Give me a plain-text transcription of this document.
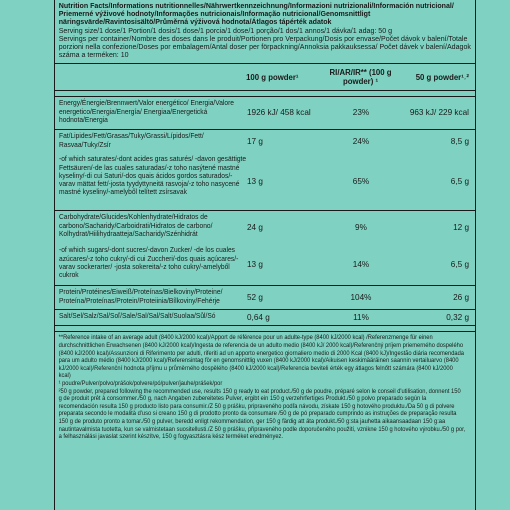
Nutrition Facts/Informations nutritionnelles/Nährwertkennzeichnung/Informazioni nutrizionali/Información nutricional/ Priemerné výživové hodnoty/Informações nutricionais/Informação nutricional/Genomsnittligt näringsvärde/Ravintosisältö/Průměrná výživová hodnota/Átlagos tápérték adatok
Serving size/1 dose/1 Portion/1 dosis/1 dose/1 porcia/1 dose/1 porção/1 dos/1 annos/1 dávka/1 adag: 50 g
Servings per container/Nombre des doses dans le produit/Portionen pro Verpackung/Dosis por envase/Počet dávok v balení/Totale porzioni nella confezione/Doses por embalagem/Antal doser per förpackning/Annoksia pakkauksessa/ Počet dávek v balení/Adagok száma a terméken: 10
100 g powder¹	RI/AR/IR** (100 g powder) ¹	50 g powder¹˒²
Energy/Énergie/Brennwert/Valor energético/ Energia/Valore energetico/Energia/Energía/ Energiaa/Energetická hodnota/Energia
1926 kJ/ 458 kcal	23%	963 kJ/ 229 kcal
Fat/Lipides/Fett/Grasas/Tuky/Grassi/Lípidos/Fett/ Rasvaa/Tuky/Zsír	17 g	24%	8,5 g
-of which saturates/-dont acides gras saturés/ -davon gesättigte Fettsäuren/-de las cuales saturadas/-z toho nasýtené mastné kyseliny/-di cui Saturi/-dos quais ácidos gordos saturados/-varav mättat fett/-josta tyydyttyneitä rasvoja/-z toho nasycené mastné kyseliny/-amelyből telített zsírsavak
13 g	65%	6,5 g
Carbohydrate/Glucides/Kohlenhydrate/Hidratos de carbono/Sacharidy/Carboidrati/Hidratos de carbono/ Kolhydrat/Hiilihydraatteja/Sacharidy/Szénhidrát
24 g	9%	12 g
-of which sugars/-dont sucres/-davon Zucker/ -de los cuales azúcares/-z toho cukry/-di cui Zuccheri/-dos quais açúcares/-varav sockerarter/ -josta sokereita/-z toho cukry/-amelyből cukrok
13 g	14%	6,5 g
Protein/Protéines/Eiweiß/Proteínas/Bielkoviny/Proteine/ Proteína/Proteínas/Protein/Proteiinia/Bílkoviny/Fehérje	52 g	104%	26 g
Salt/Sel/Salz/Sal/Soľ/Sale/Sal/Sal/Salt/Suolaa/Sůl/Só	0,64 g	11%	0,32 g

**Reference intake of an average adult (8400 kJ/2000 kcal)/Apport de référence pour un adulte-type (8400 kJ/2000 kcal) /Referenzmenge für einen durchschnittlichen Erwachsenen (8400 kJ/2000 kcal)/Ingesta de referencia de un adulto medio (8400 kJ/ 2000 kcal)/Referenčný príjem priemerného dospelého (8400 kJ/2000 kcal)/Assunzioni di Riferimento per adulti, riferiti ad un apporto energetico giornaliero medio di 2000 Kcal (8400 kJ)/Ingestão diária recomendada para um adulto médio (8400 kJ/2000 kcal)/Referensintag för en genomsnittlig vuxen (8400 kJ/2000 kcal)/Aikuisen keskimääräinen saannin vertailuarvo (8400 kJ/2000 kcal)/Referenční hodnota příjmu u průměrného dospělého (8400 kJ/2000 kcal)/Referencia beviteli érték egy átlagos felnőtt számára (8400 kJ/2000 kcal)

¹ poudre/Pulver/polvo/prášok/polvere/pó/pulver/jauhe/prášek/por

²50 g powder, prepared following the recommended use, results 150 g ready to eat product./50 g de poudre, préparé selon le conseil d'utilisation, donnent 150 g de produit prêt à consommer./50 g, nach Angaben zubereitetes Pulver, ergibt ein 150 g verzehrfertiges Produkt./50 g polvo preparado según la recomendación resulta 150 g producto listo para consumir./Z 50 g prášku, pripraveného podľa návodu, získate 150 g hotového produktu./Da 50 g di polvere preparata secondo le modalità d'uso si creano 150 g di prodotto pronto da consumare /50 g de pó preparado cumprindo as instruções de preparação resulta 150 g de produto pronto a tomar./50 g pulver, beredd enligt rekommendation, ger 150 g färdig att äta produkt./50 g:sta jauhetta aikaansaadaan 150 g:aa nautintavalmista tuotetta, kun se valmistetaan suositellusti./Z 50 g prášku, připraveného podle doporučeného použití, vznikne 150 g hotového výrobku./50 g por, a felhasználási javaslat szerint készítve, 150 g fogyasztásra kész terméket eredményez.
